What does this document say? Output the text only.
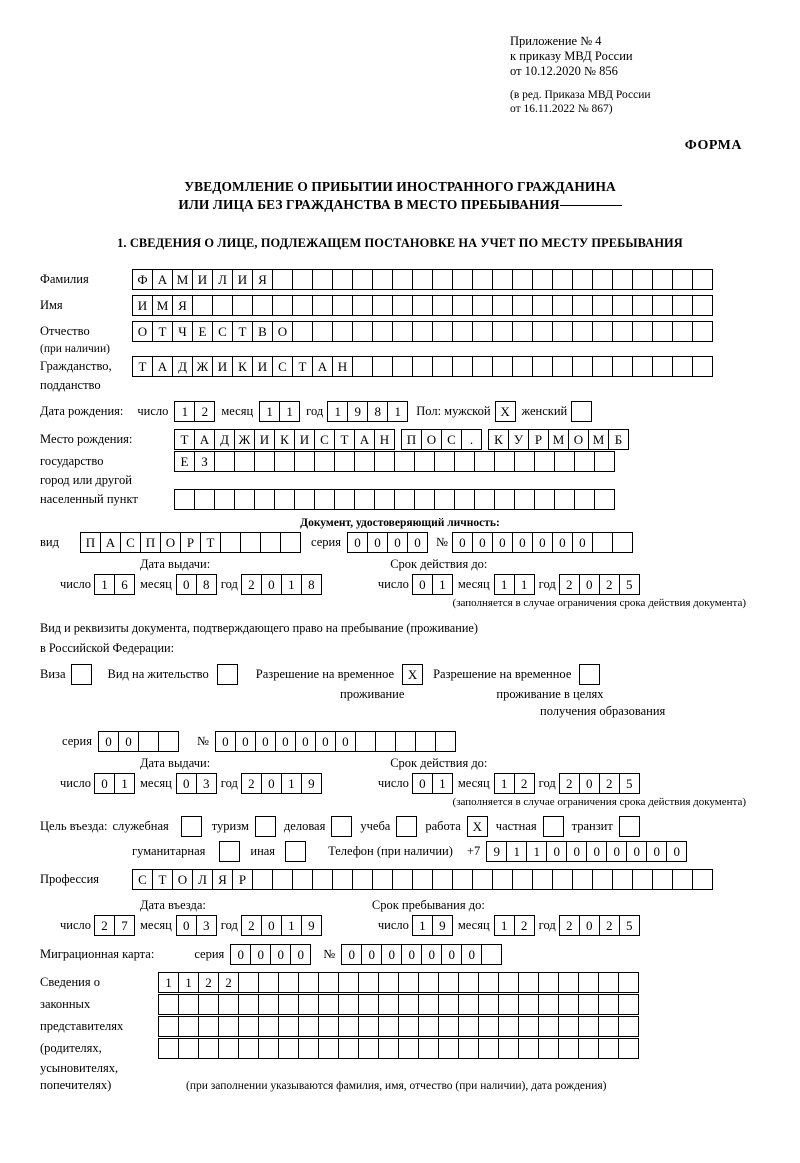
Приложение № 4
к приказу МВД России
от 10.12.2020 № 856
(в ред. Приказа МВД России
от 16.11.2022 № 867)
ФОРМА
УВЕДОМЛЕНИЕ О ПРИБЫТИИ ИНОСТРАННОГО ГРАЖДАНИНА
ИЛИ ЛИЦА БЕЗ ГРАЖДАНСТВА В МЕСТО ПРЕБЫВАНИЯ
1. СВЕДЕНИЯ О ЛИЦЕ, ПОДЛЕЖАЩЕМ ПОСТАНОВКЕ НА УЧЕТ ПО МЕСТУ ПРЕБЫВАНИЯ
Фамилия	Ф А М И Л И Я
Имя	И М Я
Отчество	О Т Ч Е С Т В О
(при наличии)
Гражданство,	Т А Д Ж И К И С Т А Н
подданство
Дата рождения: число	1	2	месяц	1	1	год 1	9	8	1	Пол: мужской X женский
Место рождения:	Т А Д Ж И К И С Т А Н	П О С	.	К У Р М О М Б
государство	Е З
город или другой
населенный пункт
Документ, удостоверяющий личность:
вид	П А С П О Р Т	серия	0	0	0	0	№ 0	0	0	0	0	0	0
Дата выдачи:	Срок действия до:
число 1	6 месяц 0	8 год 2	0	1	8	число 0	1 месяц 1	1 год 2	0	2	5
(заполняется в случае ограничения срока действия документа)
Вид и реквизиты документа, подтверждающего право на пребывание (проживание)
в Российской Федерации:
Виза	Вид на жительство	Разрешение на временное	X	Разрешение на временное
проживание	проживание в целях
получения образования
серия	0	0	№	0	0	0	0	0	0	0
Дата выдачи:	Срок действия до:
число 0	1 месяц 0	3 год 2	0	1	9	число 0	1 месяц 1	2 год 2	0	2	5
(заполняется в случае ограничения срока действия документа)
Цель въезда: служебная	туризм	деловая	учеба	работа X	частная	транзит
гуманитарная	иная	Телефон (при наличии) +7	9	1	1	0	0	0	0	0	0	0
Профессия	С Т О Л Я Р
Дата въезда:	Срок пребывания до:
число 2	7 месяц 0	3 год 2	0	1	9	число 1	9 месяц 1	2 год 2	0	2	5
Миграционная карта:	серия	0	0	0	0	№	0	0	0	0	0	0	0
Сведения о	1	1	2	2
законных
представителях
(родителях,
усыновителях,
попечителях)	(при заполнении указываются фамилия, имя, отчество (при наличии), дата рождения)
